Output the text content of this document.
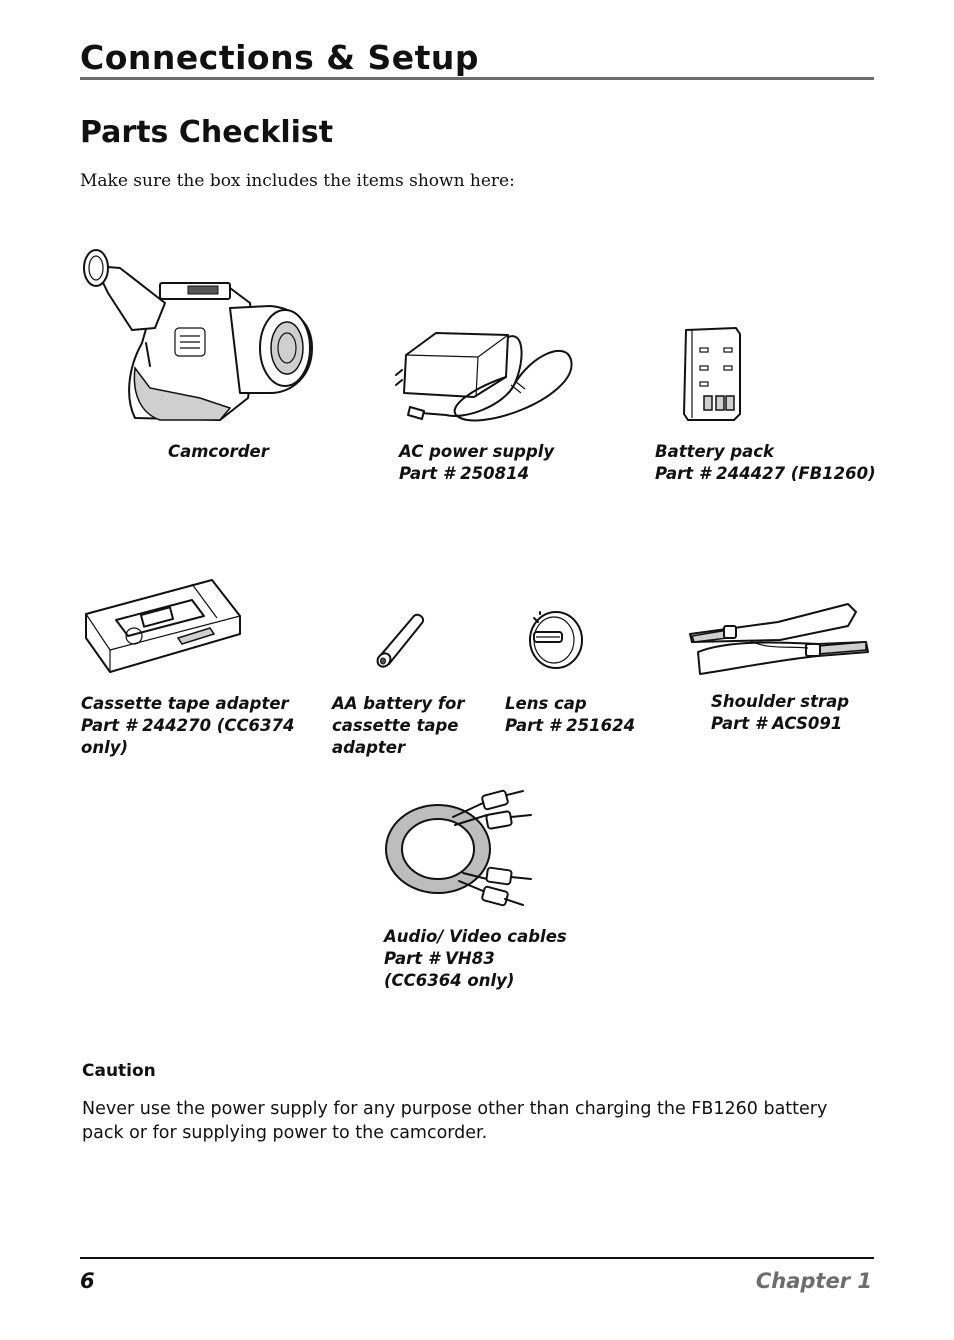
Connections & Setup
Parts Checklist
Make sure the box includes the items shown here:
Camcorder	AC power supply
Part # 250814
Battery pack
Part # 244427 (FB1260)
Cassette tape adapter
Part # 244270 (CC6374
only)
AA battery for
cassette tape
adapter
Lens cap
Part # 251624
Shoulder strap
Part # ACS091
Audio/ Video cables
Part # VH83
(CC6364 only)
Caution
Never use the power supply for any purpose other than charging the FB1260 battery pack or for supplying power to the camcorder.
6	Chapter 1
